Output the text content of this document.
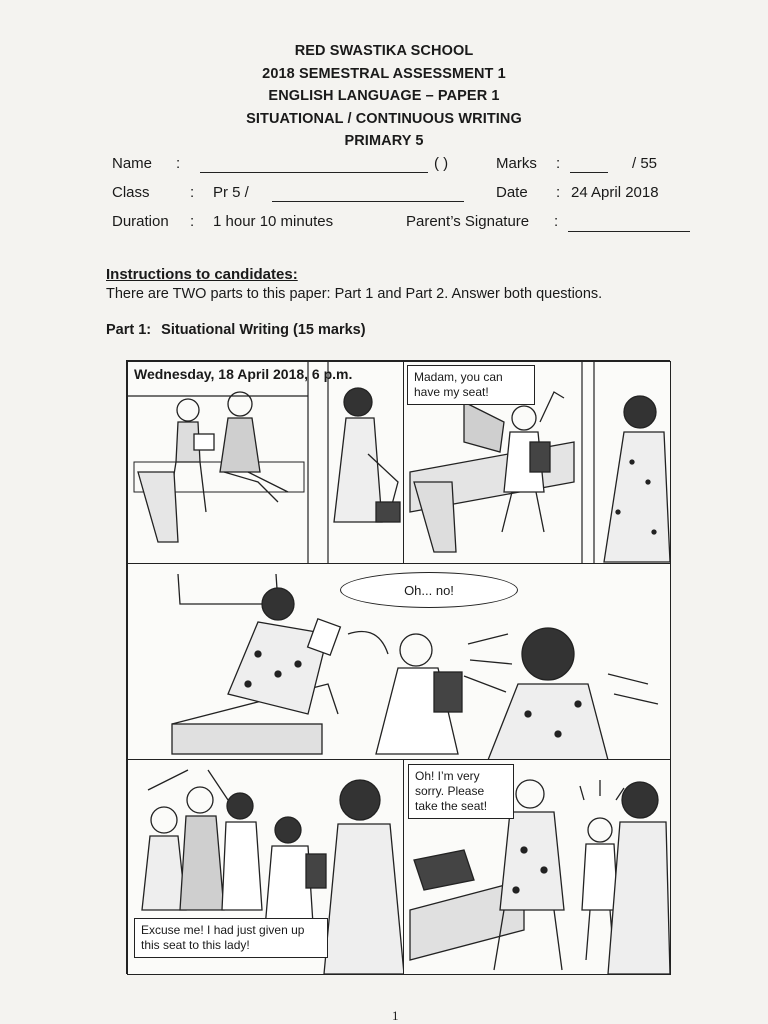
RED SWASTIKA SCHOOL
2018 SEMESTRAL ASSESSMENT 1
ENGLISH LANGUAGE – PAPER 1
SITUATIONAL / CONTINUOUS WRITING
PRIMARY 5
Name :	( )	Marks :	/ 55
Class	: Pr 5 /	Date : 24 April 2018
Duration : 1 hour 10 minutes	Parent’s Signature :
Instructions to candidates:
There are TWO parts to this paper: Part 1 and Part 2. Answer both questions.
Part 1: Situational Writing (15 marks)
Wednesday, 18 April 2018, 6 p.m.	Madam, you can have my seat!
Oh... no!
Excuse me! I had just given up this seat to this lady!
Oh! I’m very sorry. Please take the seat!
1
